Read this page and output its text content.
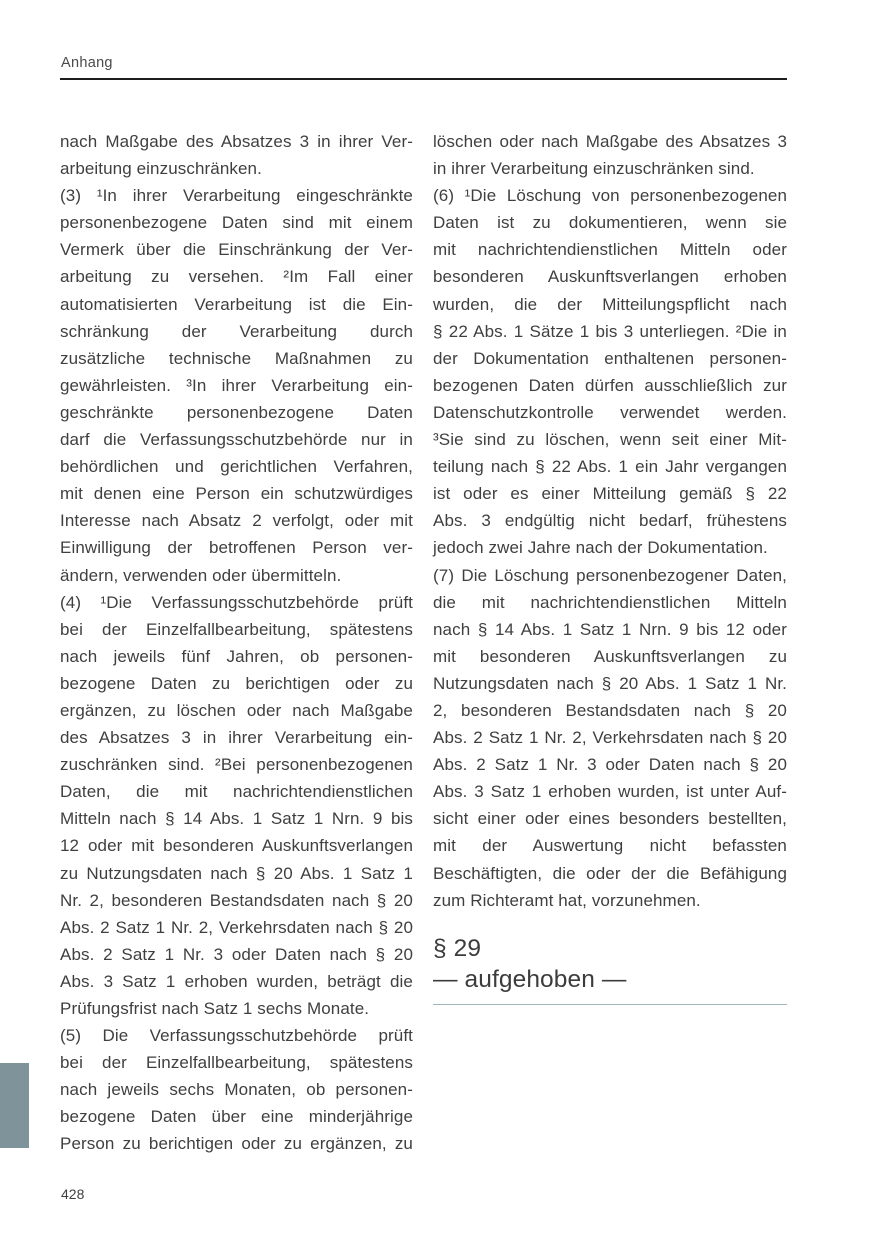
Anhang
nach Maßgabe des Absatzes 3 in ihrer Ver-
arbeitung einzuschränken.
(3) ¹In ihrer Verarbeitung eingeschränkte
personenbezogene Daten sind mit einem
Vermerk über die Einschränkung der Ver-
arbeitung zu versehen. ²Im Fall einer
automatisierten Verarbeitung ist die Ein-
schränkung der Verarbeitung durch
zusätzliche technische Maßnahmen zu
gewährleisten. ³In ihrer Verarbeitung ein-
geschränkte personenbezogene Daten
darf die Verfassungsschutzbehörde nur in
behördlichen und gerichtlichen Verfahren,
mit denen eine Person ein schutzwürdiges
Interesse nach Absatz 2 verfolgt, oder mit
Einwilligung der betroffenen Person ver-
ändern, verwenden oder übermitteln.
(4) ¹Die Verfassungsschutzbehörde prüft
bei der Einzelfallbearbeitung, spätestens
nach jeweils fünf Jahren, ob personen-
bezogene Daten zu berichtigen oder zu
ergänzen, zu löschen oder nach Maßgabe
des Absatzes 3 in ihrer Verarbeitung ein-
zuschränken sind. ²Bei personenbezogenen
Daten, die mit nachrichtendienstlichen
Mitteln nach § 14 Abs. 1 Satz 1 Nrn. 9 bis
12 oder mit besonderen Auskunftsverlangen
zu Nutzungsdaten nach § 20 Abs. 1 Satz 1
Nr. 2, besonderen Bestandsdaten nach § 20
Abs. 2 Satz 1 Nr. 2, Verkehrsdaten nach § 20
Abs. 2 Satz 1 Nr. 3 oder Daten nach § 20
Abs. 3 Satz 1 erhoben wurden, beträgt die
Prüfungsfrist nach Satz 1 sechs Monate.
(5) Die Verfassungsschutzbehörde prüft
bei der Einzelfallbearbeitung, spätestens
nach jeweils sechs Monaten, ob personen-
bezogene Daten über eine minderjährige
Person zu berichtigen oder zu ergänzen, zu
löschen oder nach Maßgabe des Absatzes 3
in ihrer Verarbeitung einzuschränken sind.
(6) ¹Die Löschung von personenbezogenen
Daten ist zu dokumentieren, wenn sie
mit nachrichtendienstlichen Mitteln oder
besonderen Auskunftsverlangen erhoben
wurden, die der Mitteilungspflicht nach
§ 22 Abs. 1 Sätze 1 bis 3 unterliegen. ²Die in
der Dokumentation enthaltenen personen-
bezogenen Daten dürfen ausschließlich zur
Datenschutzkontrolle verwendet werden.
³Sie sind zu löschen, wenn seit einer Mit-
teilung nach § 22 Abs. 1 ein Jahr vergangen
ist oder es einer Mitteilung gemäß § 22
Abs. 3 endgültig nicht bedarf, frühestens
jedoch zwei Jahre nach der Dokumentation.
(7) Die Löschung personenbezogener Daten,
die mit nachrichtendienstlichen Mitteln
nach § 14 Abs. 1 Satz 1 Nrn. 9 bis 12 oder
mit besonderen Auskunftsverlangen zu
Nutzungsdaten nach § 20 Abs. 1 Satz 1 Nr.
2, besonderen Bestandsdaten nach § 20
Abs. 2 Satz 1 Nr. 2, Verkehrsdaten nach § 20
Abs. 2 Satz 1 Nr. 3 oder Daten nach § 20
Abs. 3 Satz 1 erhoben wurden, ist unter Auf-
sicht einer oder eines besonders bestellten,
mit der Auswertung nicht befassten
Beschäftigten, die oder der die Befähigung
zum Richteramt hat, vorzunehmen.
§ 29
— aufgehoben —
428
